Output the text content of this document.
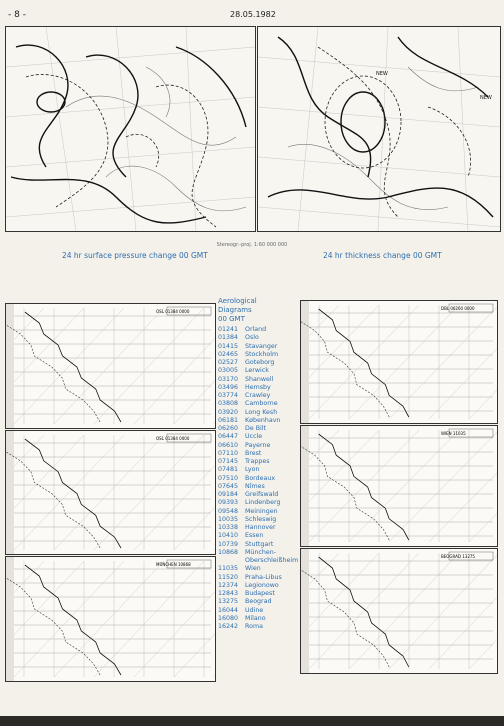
- 8 -	28.05.1982
NEW
NEW
Stereogr.-proj. 1:60 000 000
24 hr surface pressure change 00 GMT	24 hr thickness change 00 GMT
OSL 01384 0000
OSL 01384 0000
MÜNCHEN 10868
DBL 06260 0000
WIEN 11035
BEOGRAD 13275
Aerological
Diagrams
00 GMT
01241 Orland
01384 Oslo
01415 Stavanger
02465 Stockholm
02527 Goteborg
03005 Lerwick
03170 Shanwell
03496 Hemsby
03774 Crawley
03808 Camborne
03920 Long Kesh
06181 København
06260 De Bilt
06447 Uccle
06610 Payerne
07110 Brest
07145 Trappes
07481 Lyon
07510 Bordeaux
07645 Nîmes
09184 Greifswald
09393 Lindenberg
09548 Meiningen
10035 Schleswig
10338 Hannover
10410 Essen
10739 Stuttgart
10868 München-
Oberschleißheim
11035 Wien
11520 Praha-Libus
12374 Legionowo
12843 Budapest
13275 Beograd
16044 Udine
16080 Milano
16242 Roma
